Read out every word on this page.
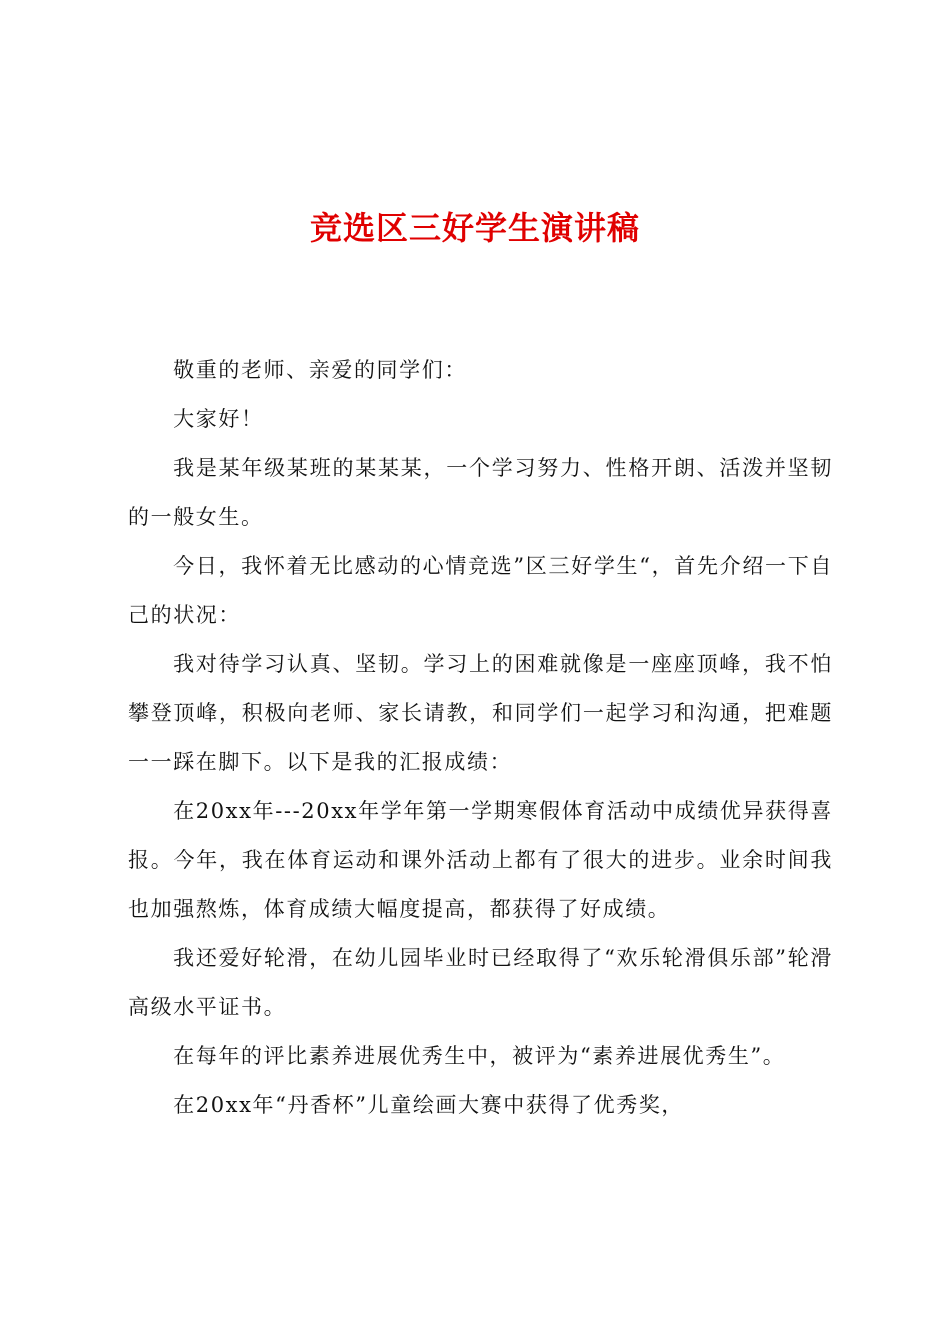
竞选区三好学生演讲稿

敬重的老师、亲爱的同学们：

大家好！

我是某年级某班的某某某，一个学习努力、性格开朗、活泼并坚韧的一般女生。

今日，我怀着无比感动的心情竞选”区三好学生“，首先介绍一下自己的状况：

我对待学习认真、坚韧。学习上的困难就像是一座座顶峰，我不怕攀登顶峰，积极向老师、家长请教，和同学们一起学习和沟通，把难题一一踩在脚下。以下是我的汇报成绩：

在20xx年---20xx年学年第一学期寒假体育活动中成绩优异获得喜报。今年，我在体育运动和课外活动上都有了很大的进步。业余时间我也加强熬炼，体育成绩大幅度提高，都获得了好成绩。

我还爱好轮滑，在幼儿园毕业时已经取得了“欢乐轮滑俱乐部”轮滑高级水平证书。

在每年的评比素养进展优秀生中，被评为“素养进展优秀生”。

在20xx年“丹香杯”儿童绘画大赛中获得了优秀奖，
